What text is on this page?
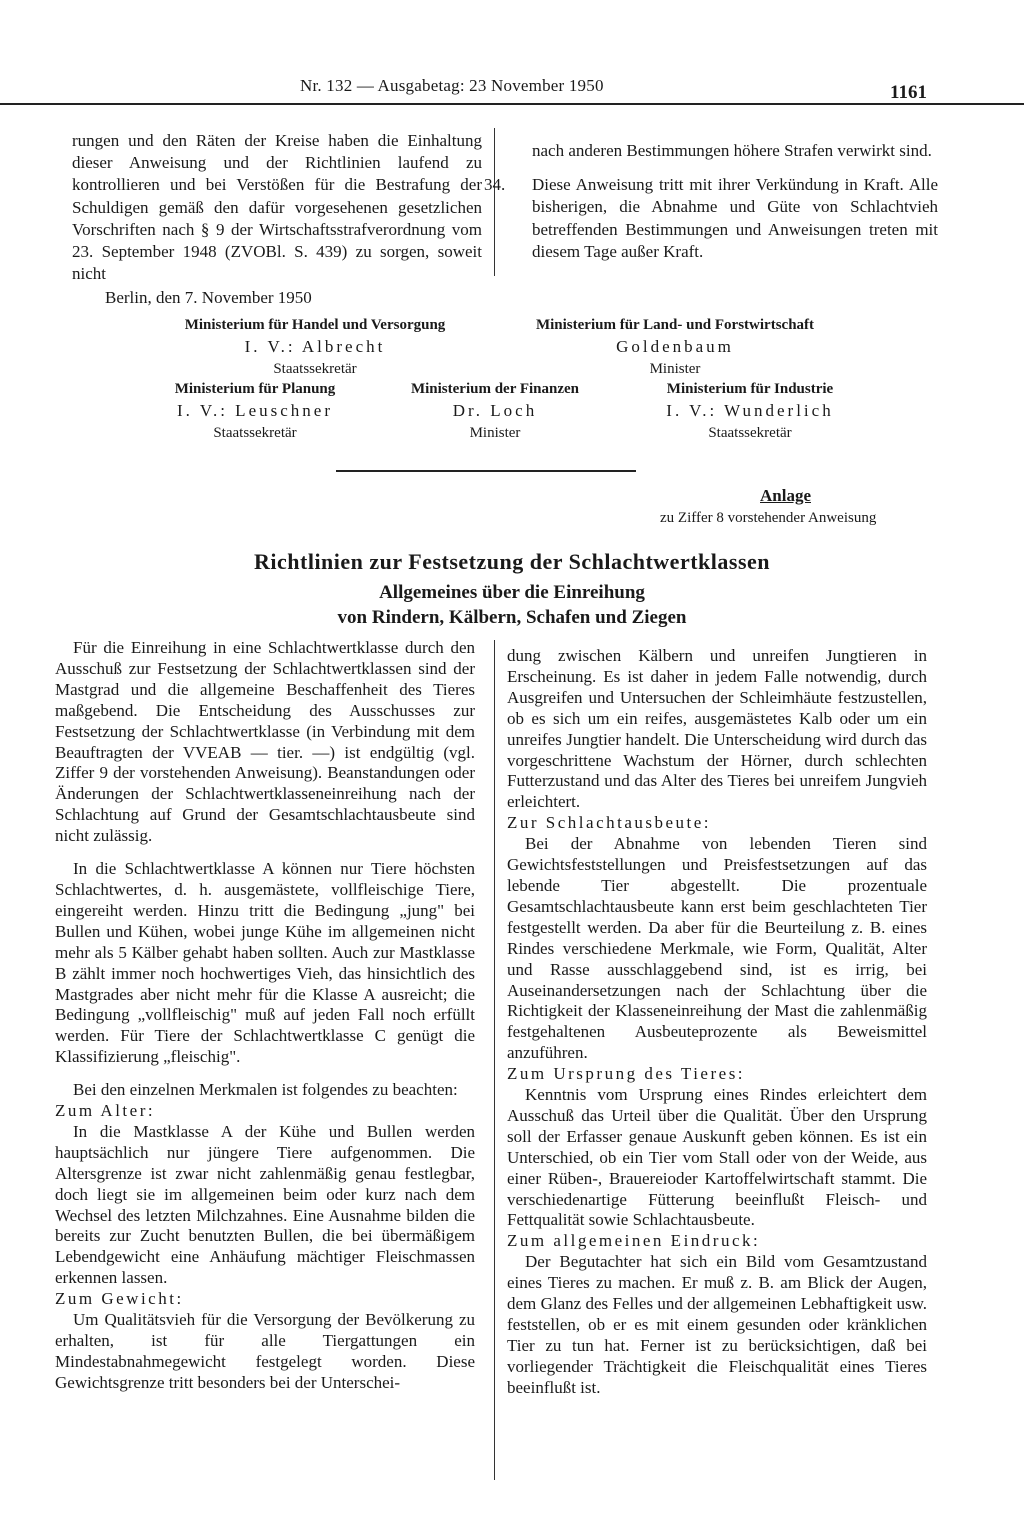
Nr. 132 — Ausgabetag: 23 November 1950	1161
rungen und den Räten der Kreise haben die Einhaltung dieser Anweisung und der Richtlinien laufend zu kontrollieren und bei Verstößen für die Bestrafung der Schuldigen gemäß den dafür vorgesehenen gesetzlichen Vorschriften nach § 9 der Wirtschaftsstrafverordnung vom 23. September 1948 (ZVOBl. S. 439) zu sorgen, soweit nicht
nach anderen Bestimmungen höhere Strafen verwirkt sind.
34. Diese Anweisung tritt mit ihrer Verkündung in Kraft. Alle bisherigen, die Abnahme und Güte von Schlachtvieh betreffenden Bestimmungen und Anweisungen treten mit diesem Tage außer Kraft.
Berlin, den 7. November 1950
Ministerium für Handel und Versorgung
I. V.: Albrecht
Staatssekretär
Ministerium für Land- und Forstwirtschaft
Goldenbaum
Minister
Ministerium für Planung
I. V.: Leuschner
Staatssekretär
Ministerium der Finanzen
Dr. Loch
Minister
Ministerium für Industrie
I. V.: Wunderlich
Staatssekretär
Anlage
zu Ziffer 8 vorstehender Anweisung
Richtlinien zur Festsetzung der Schlachtwertklassen
Allgemeines über die Einreihung
von Rindern, Kälbern, Schafen und Ziegen

Für die Einreihung in eine Schlachtwertklasse durch den Ausschuß zur Festsetzung der Schlachtwertklassen sind der Mastgrad und die allgemeine Beschaffenheit des Tieres maßgebend. Die Entscheidung des Ausschusses zur Festsetzung der Schlachtwertklasse (in Verbindung mit dem Beauftragten der VVEAB — tier. —) ist endgültig (vgl. Ziffer 9 der vorstehenden Anweisung). Beanstandungen oder Änderungen der Schlachtwertklasseneinreihung nach der Schlachtung auf Grund der Gesamtschlachtausbeute sind nicht zulässig.

In die Schlachtwertklasse A können nur Tiere höchsten Schlachtwertes, d. h. ausgemästete, vollfleischige Tiere, eingereiht werden. Hinzu tritt die Bedingung „jung" bei Bullen und Kühen, wobei junge Kühe im allgemeinen nicht mehr als 5 Kälber gehabt haben sollten. Auch zur Mastklasse B zählt immer noch hochwertiges Vieh, das hinsichtlich des Mastgrades aber nicht mehr für die Klasse A ausreicht; die Bedingung „vollfleischig" muß auf jeden Fall noch erfüllt werden. Für Tiere der Schlachtwertklasse C genügt die Klassifizierung „fleischig".

Bei den einzelnen Merkmalen ist folgendes zu beachten:

Zum Alter:

In die Mastklasse A der Kühe und Bullen werden hauptsächlich nur jüngere Tiere aufgenommen. Die Altersgrenze ist zwar nicht zahlenmäßig genau festlegbar, doch liegt sie im allgemeinen beim oder kurz nach dem Wechsel des letzten Milchzahnes. Eine Ausnahme bilden die bereits zur Zucht benutzten Bullen, die bei übermäßigem Lebendgewicht eine Anhäufung mächtiger Fleischmassen erkennen lassen.

Zum Gewicht:

Um Qualitätsvieh für die Versorgung der Bevölkerung zu erhalten, ist für alle Tiergattungen ein Mindestabnahmegewicht festgelegt worden. Diese Gewichtsgrenze tritt besonders bei der Unterschei-

dung zwischen Kälbern und unreifen Jungtieren in Erscheinung. Es ist daher in jedem Falle notwendig, durch Ausgreifen und Untersuchen der Schleimhäute festzustellen, ob es sich um ein reifes, ausgemästetes Kalb oder um ein unreifes Jungtier handelt. Die Unterscheidung wird durch das vorgeschrittene Wachstum der Hörner, durch schlechten Futterzustand und das Alter des Tieres bei unreifem Jungvieh erleichtert.

Zur Schlachtausbeute:

Bei der Abnahme von lebenden Tieren sind Gewichtsfeststellungen und Preisfestsetzungen auf das lebende Tier abgestellt. Die prozentuale Gesamtschlachtausbeute kann erst beim geschlachteten Tier festgestellt werden. Da aber für die Beurteilung z. B. eines Rindes verschiedene Merkmale, wie Form, Qualität, Alter und Rasse ausschlaggebend sind, ist es irrig, bei Auseinandersetzungen nach der Schlachtung über die Richtigkeit der Klasseneinreihung der Mast die zahlenmäßig festgehaltenen Ausbeuteprozente als Beweismittel anzuführen.

Zum Ursprung des Tieres:

Kenntnis vom Ursprung eines Rindes erleichtert dem Ausschuß das Urteil über die Qualität. Über den Ursprung soll der Erfasser genaue Auskunft geben können. Es ist ein Unterschied, ob ein Tier vom Stall oder von der Weide, aus einer Rüben-, Brauereioder Kartoffelwirtschaft stammt. Die verschiedenartige Fütterung beeinflußt Fleisch- und Fettqualität sowie Schlachtausbeute.

Zum allgemeinen Eindruck:

Der Begutachter hat sich ein Bild vom Gesamtzustand eines Tieres zu machen. Er muß z. B. am Blick der Augen, dem Glanz des Felles und der allgemeinen Lebhaftigkeit usw. feststellen, ob er es mit einem gesunden oder kränklichen Tier zu tun hat. Ferner ist zu berücksichtigen, daß bei vorliegender Trächtigkeit die Fleischqualität eines Tieres beeinflußt ist.
